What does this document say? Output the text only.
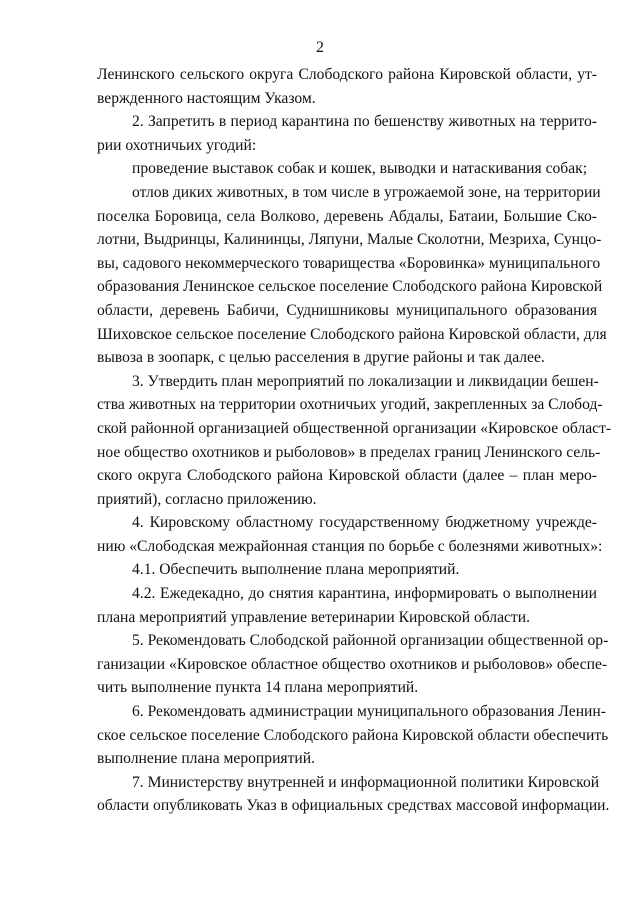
2
Ленинского сельского округа Слободского района Кировской области, ут-
вержденного настоящим Указом.
2. Запретить в период карантина по бешенству животных на террито-
рии охотничьих угодий:
проведение выставок собак и кошек, выводки и натаскивания собак;
отлов диких животных, в том числе в угрожаемой зоне, на территории
поселка Боровица, села Волково, деревень Абдалы, Батаии, Большие Ско-
лотни, Выдринцы, Калининцы, Ляпуни, Малые Сколотни, Мезриха, Сунцо-
вы, садового некоммерческого товарищества «Боровинка» муниципального
образования Ленинское сельское поселение Слободского района Кировской
области, деревень Бабичи, Суднишниковы муниципального образования
Шиховское сельское поселение Слободского района Кировской области, для
вывоза в зоопарк, с целью расселения в другие районы и так далее.
3. Утвердить план мероприятий по локализации и ликвидации бешен-
ства животных на территории охотничьих угодий, закрепленных за Слобод-
ской районной организацией общественной организации «Кировское област-
ное общество охотников и рыболовов» в пределах границ Ленинского сель-
ского округа Слободского района Кировской области (далее – план меро-
приятий), согласно приложению.
4. Кировскому областному государственному бюджетному учрежде-
нию «Слободская межрайонная станция по борьбе с болезнями животных»:
4.1. Обеспечить выполнение плана мероприятий.
4.2. Ежедекадно, до снятия карантина, информировать о выполнении
плана мероприятий управление ветеринарии Кировской области.
5. Рекомендовать Слободской районной организации общественной ор-
ганизации «Кировское областное общество охотников и рыболовов» обеспе-
чить выполнение пункта 14 плана мероприятий.
6. Рекомендовать администрации муниципального образования Ленин-
ское сельское поселение Слободского района Кировской области обеспечить
выполнение плана мероприятий.
7. Министерству внутренней и информационной политики Кировской
области опубликовать Указ в официальных средствах массовой информации.
